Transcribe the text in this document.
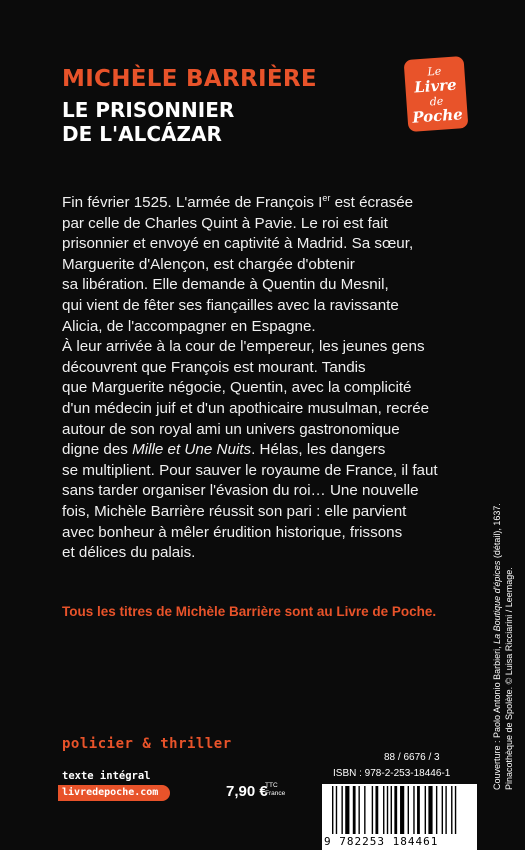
MICHÈLE BARRIÈRE
LE PRISONNIER
DE L'ALCÁZAR
Le
Livre
de
Poche

Fin février 1525. L'armée de François Ier est écrasée

par celle de Charles Quint à Pavie. Le roi est fait

prisonnier et envoyé en captivité à Madrid. Sa sœur,

Marguerite d'Alençon, est chargée d'obtenir

sa libération. Elle demande à Quentin du Mesnil,

qui vient de fêter ses fiançailles avec la ravissante

Alicia, de l'accompagner en Espagne.

À leur arrivée à la cour de l'empereur, les jeunes gens

découvrent que François est mourant. Tandis

que Marguerite négocie, Quentin, avec la complicité

d'un médecin juif et d'un apothicaire musulman, recrée

autour de son royal ami un univers gastronomique

digne des Mille et Une Nuits. Hélas, les dangers

se multiplient. Pour sauver le royaume de France, il faut

sans tarder organiser l'évasion du roi… Une nouvelle

fois, Michèle Barrière réussit son pari : elle parvient

avec bonheur à mêler érudition historique, frissons

et délices du palais.

Tous les titres de Michèle Barrière sont au Livre de Poche.
policier & thriller
texte intégral
livredepoche.com	7,90 €
TTC
France
88 / 6676 / 3
ISBN : 978-2-253-18446-1
9 782253 184461
Couverture : Paolo Antonio Barbieri, La Boutique d'épices (détail), 1637.
Pinacothèque de Spolète. © Luisa Ricciarini / Leemage.
